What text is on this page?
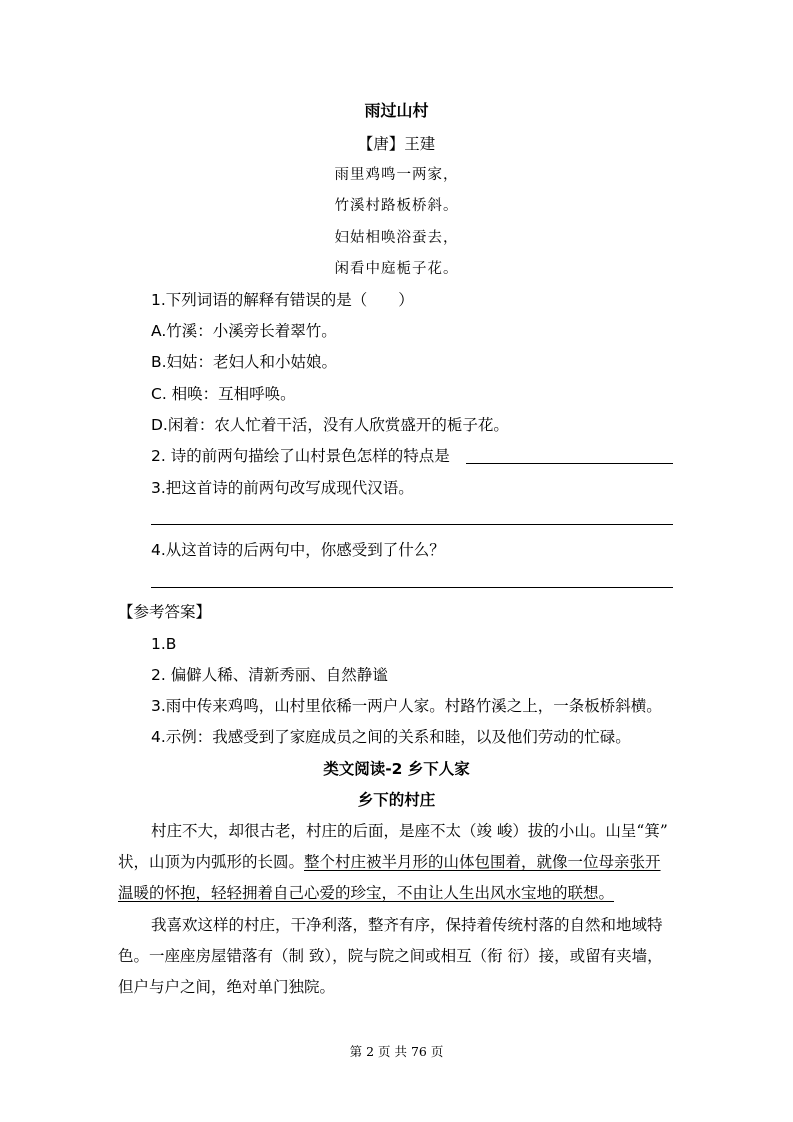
雨过山村
【唐】王建
雨里鸡鸣一两家，
竹溪村路板桥斜。
妇姑相唤浴蚕去，
闲看中庭栀子花。
1.下列词语的解释有错误的是（　　）
A.竹溪：小溪旁长着翠竹。
B.妇姑：老妇人和小姑娘。
C. 相唤：互相呼唤。
D.闲着：农人忙着干活，没有人欣赏盛开的栀子花。
2. 诗的前两句描绘了山村景色怎样的特点是
3.把这首诗的前两句改写成现代汉语。
4.从这首诗的后两句中，你感受到了什么？
【参考答案】
1.B
2. 偏僻人稀、清新秀丽、自然静谧
3.雨中传来鸡鸣，山村里依稀一两户人家。村路竹溪之上，一条板桥斜横。
4.示例：我感受到了家庭成员之间的关系和睦，以及他们劳动的忙碌。
类文阅读-2 乡下人家
乡下的村庄
村庄不大，却很古老，村庄的后面，是座不太（竣 峻）拔的小山。山呈“箕”
状，山顶为内弧形的长圆。整个村庄被半月形的山体包围着，就像一位母亲张开
温暖的怀抱，轻轻拥着自己心爱的珍宝，不由让人生出风水宝地的联想。
我喜欢这样的村庄，干净利落，整齐有序，保持着传统村落的自然和地域特
色。一座座房屋错落有（制 致），院与院之间或相互（衔 衍）接，或留有夹墙，
但户与户之间，绝对单门独院。
第 2 页 共 76 页
